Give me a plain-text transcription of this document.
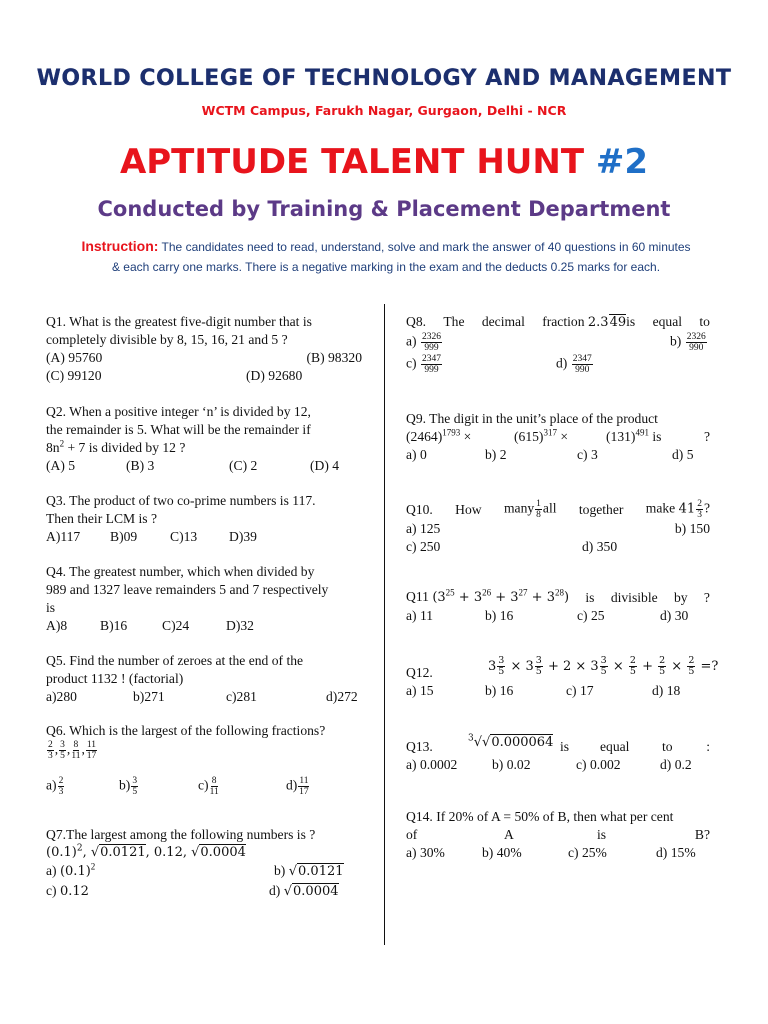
WORLD COLLEGE OF TECHNOLOGY AND MANAGEMENT
WCTM Campus, Farukh Nagar, Gurgaon, Delhi - NCR
APTITUDE TALENT HUNT #2
Conducted by Training & Placement Department
Instruction: The candidates need to read, understand, solve and mark the answer of 40 questions in 60 minutes & each carry one marks. There is a negative marking in the exam and the deducts 0.25 marks for each.
Q1. What is the greatest five-digit number that is
completely divisible by 8, 15, 16, 21 and 5 ?
(A) 95760	(B) 98320
(C) 99120	(D) 92680
Q2. When a positive integer ‘n’ is divided by 12,
the remainder is 5. What will be the remainder if
$8n^2 + 7$ is divided by 12 ?
(A) 5	(B) 3	(C) 2	(D) 4
Q3. The product of two co-prime numbers is 117.
Then their LCM is ?
A)117 B)09 C)13 D)39
Q4. The greatest number, which when divided by
989 and 1327 leave remainders 5 and 7 respectively
is
A)8 B)16	C)24	D)32
Q5. Find the number of zeroes at the end of the
product 1132 ! (factorial)
a)280	b)271	c)281	d)272
Q6. Which is the largest of the following fractions?
$\frac{2}{3}$ , $\frac{3}{5}$ , $\frac{8}{11}$ , $\frac{11}{17}$
$a) \frac{2}{3}$	$b) \frac{3}{5}$	$c) \frac{8}{11}$	$d) \frac{11}{17}$
Q7.The largest among the following numbers is ?
$(0.1)^2$, √0.0121, 0.12, √0.0004
a) $(0.1)^2$	b) √0.0121
c) 0.12	d) √0.0004
Q8. The decimal fraction 2.349is equal to
$a) \frac{2326}{999}$	$b) \frac{2326}{990}$
$c) \frac{2347}{999}$	$d) \frac{2347}{990}$
Q9. The digit in the unit’s place of the product
$(2464)^{1793}$ ×	$(615)^{317}$ ×	$(131)^{491}$ is	?
a) 0	b) 2	c) 3	d) 5
Q10. How many $\frac{1}{8}$ all together make $41 \frac{2}{3}$ ?
a) 125	b) 150
c) 250	d) 350
Q11 $(3^{25} + 3^{26} + 3^{27} + 3^{28})$ is divisible by ?
a) 11	b) 16	c) 25	d) 30
Q12.	$3 \frac{3}{5} \times 3 \frac{3}{5} + 2 \times 3 \frac{3}{5} \times \frac{2}{5} + \frac{2}{5} \times \frac{2}{5}$ =?
a) 15	b) 16	c) 17	d) 18
Q13.
$^3$√√0.000064 is equal to :
a) 0.0002	b) 0.02	c) 0.002	d) 0.2
Q14. If 20% of A = 50% of B, then what per cent
of	A	is	B?
a) 30%	b) 40%	c) 25%	d) 15%
